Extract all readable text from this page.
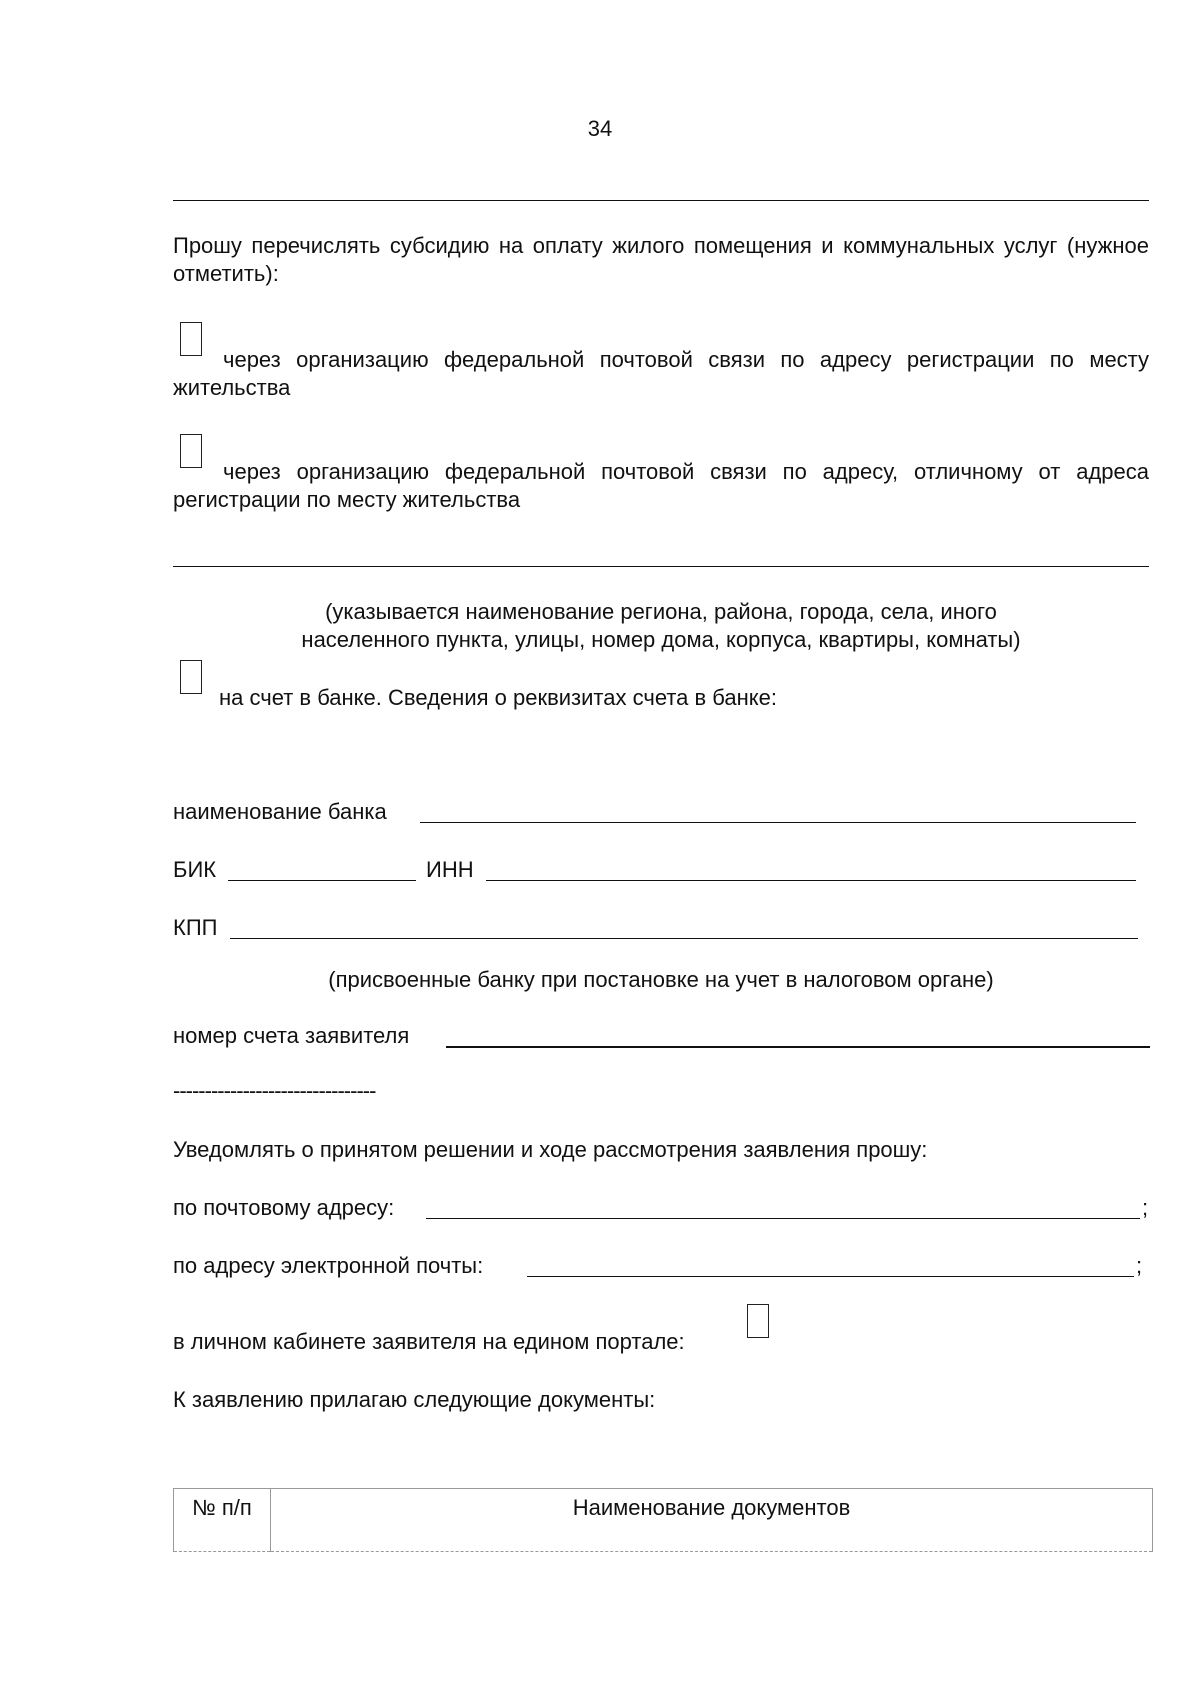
34
Прошу перечислять субсидию на оплату жилого помещения и коммунальных услуг (нужное отметить):
через организацию федеральной почтовой связи по адресу регистрации по месту жительства
через организацию федеральной почтовой связи по адресу, отличному от адреса регистрации по месту жительства
(указывается наименование региона, района, города, села, иного населенного пункта, улицы, номер дома, корпуса, квартиры, комнаты)
на счет в банке. Сведения о реквизитах счета в банке:
наименование банка
БИК	ИНН
КПП
(присвоенные банку при постановке на учет в налоговом органе)
номер счета заявителя
--------------------------------
Уведомлять о принятом решении и ходе рассмотрения заявления прошу:
по почтовому адресу:	;
по адресу электронной почты:	;
в личном кабинете заявителя на едином портале:
К заявлению прилагаю следующие документы:
№ п/п	Наименование документов
